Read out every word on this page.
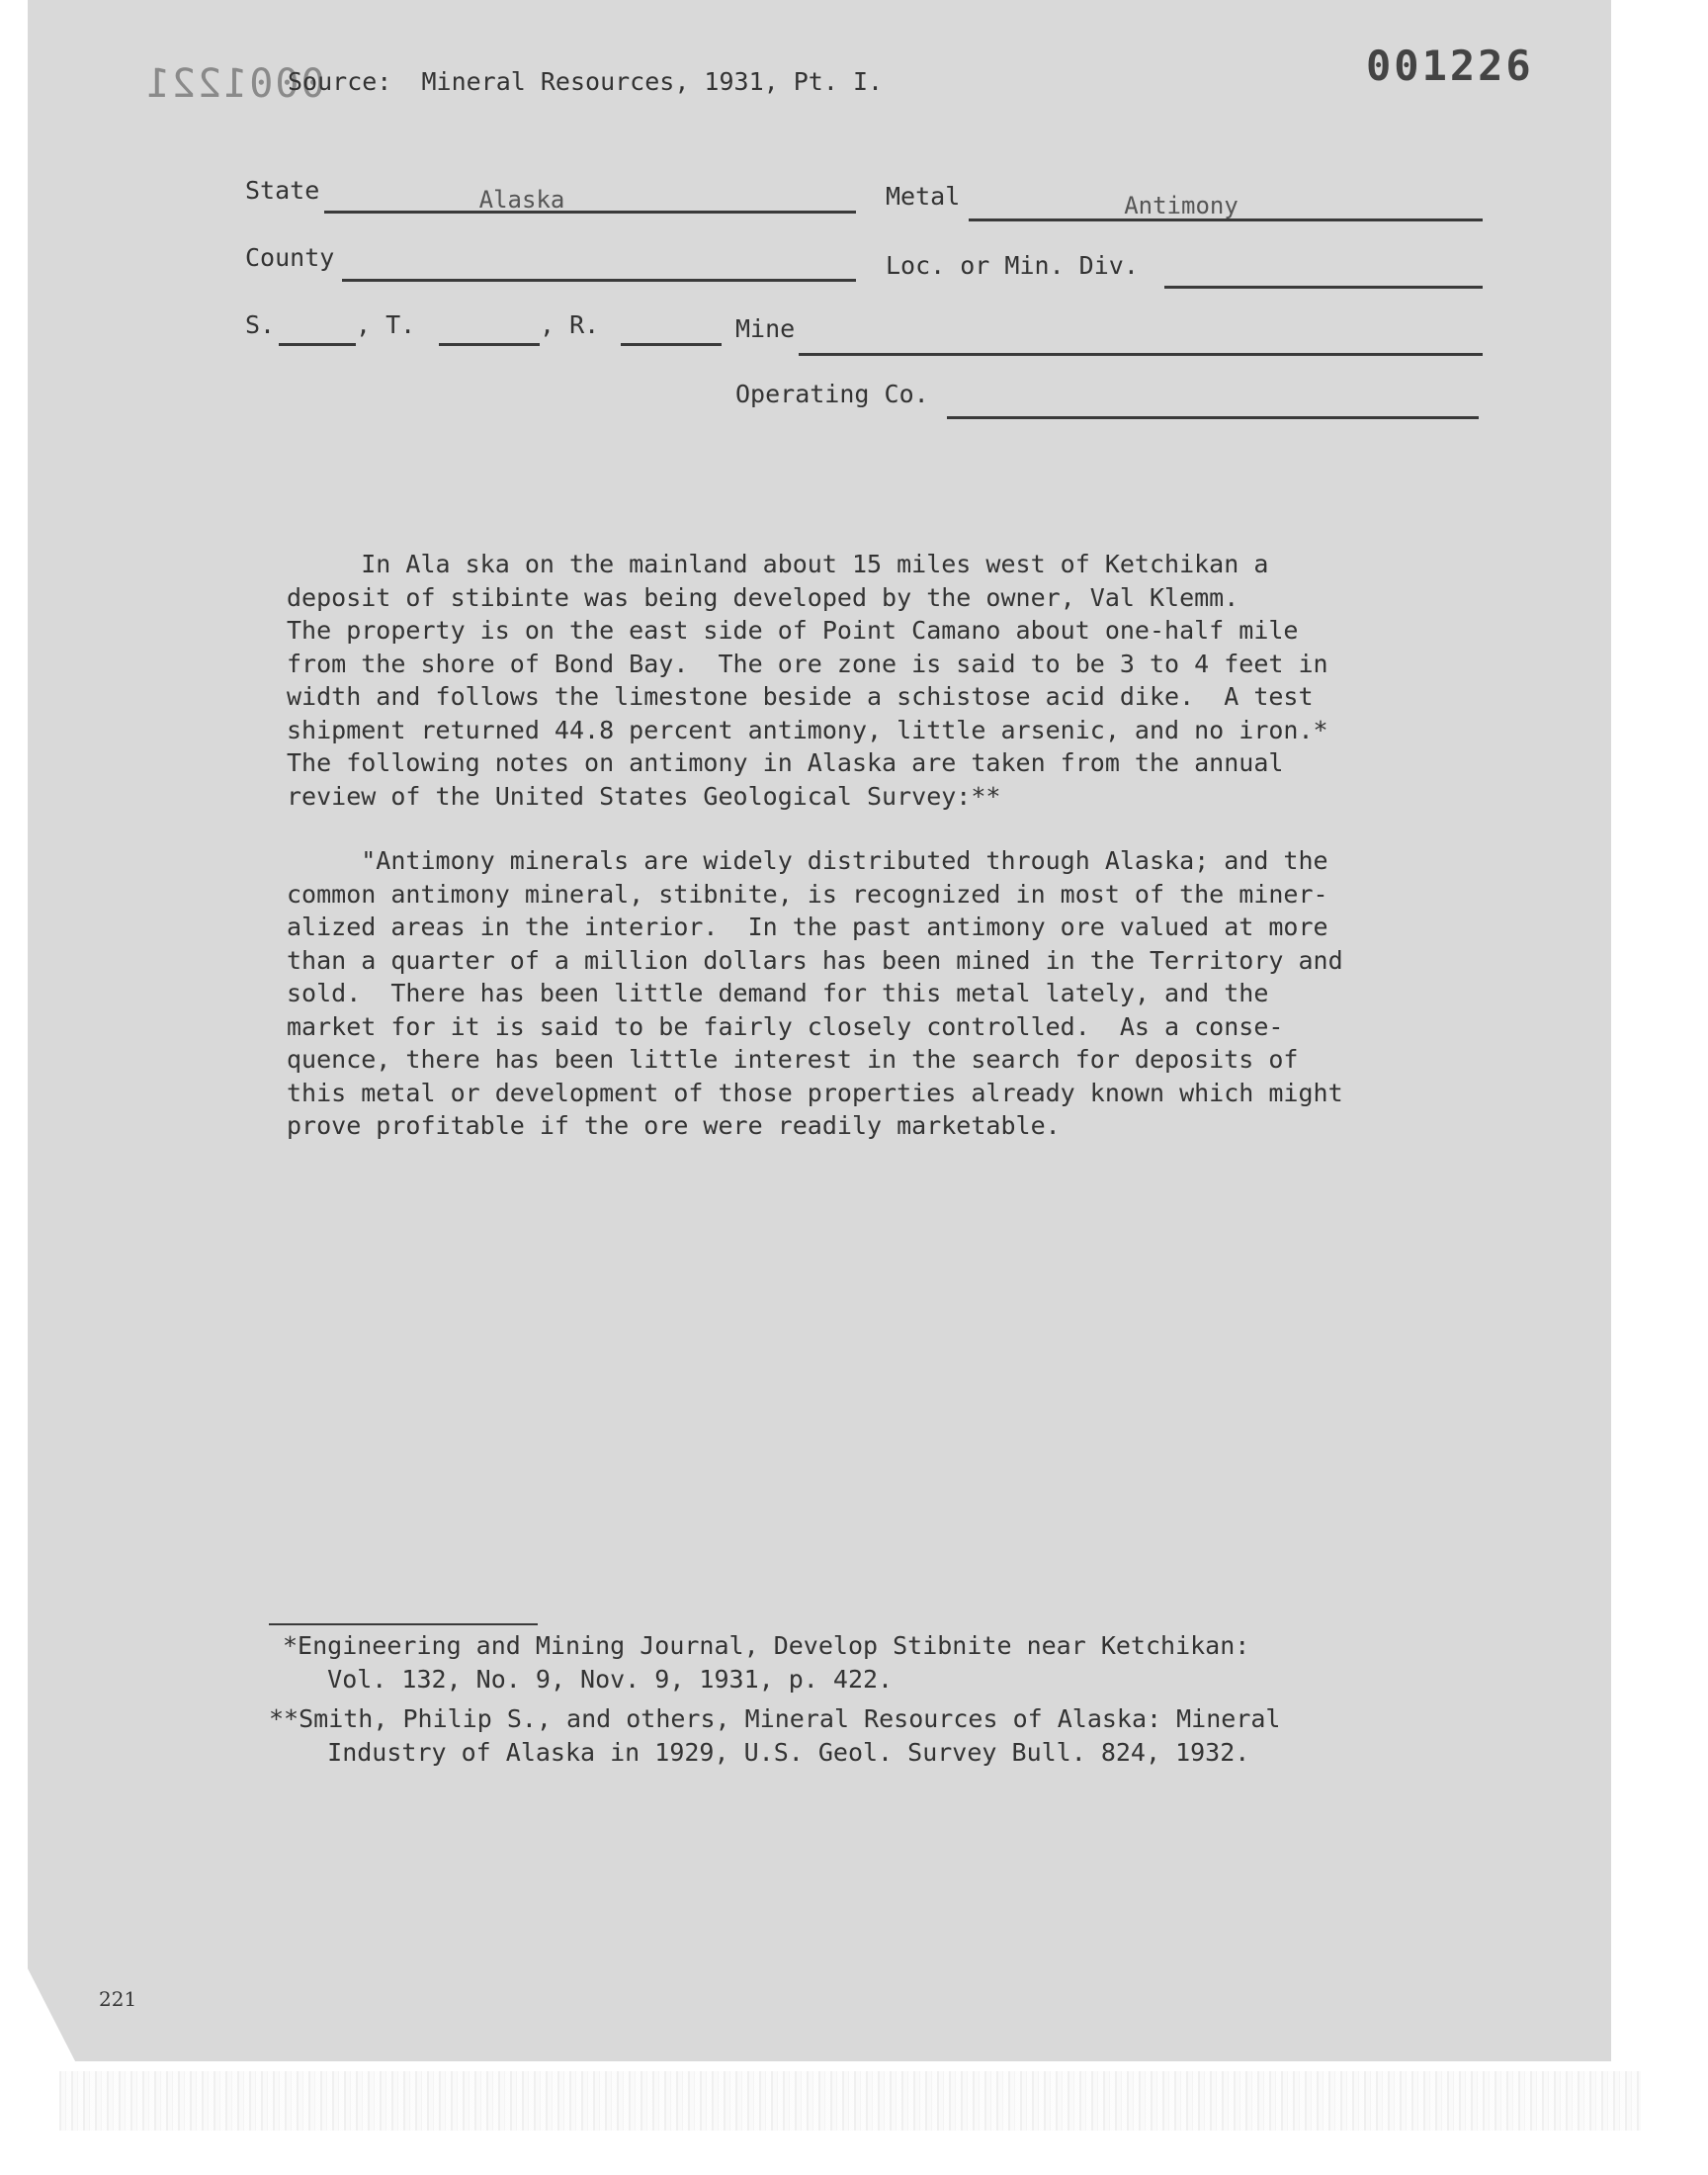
0001221
Source:  Mineral Resources, 1931, Pt. I.	001226
State	Alaska	Metal	Antimony
County	Loc. or Min. Div.
S.	, T.	, R.	Mine
Operating Co.
In Ala ska on the mainland about 15 miles west of Ketchikan a
deposit of stibinte was being developed by the owner, Val Klemm.
The property is on the east side of Point Camano about one-half mile
from the shore of Bond Bay.  The ore zone is said to be 3 to 4 feet in
width and follows the limestone beside a schistose acid dike.  A test
shipment returned 44.8 percent antimony, little arsenic, and no iron.*
The following notes on antimony in Alaska are taken from the annual
review of the United States Geological Survey:**
"Antimony minerals are widely distributed through Alaska; and the
common antimony mineral, stibnite, is recognized in most of the miner-
alized areas in the interior.  In the past antimony ore valued at more
than a quarter of a million dollars has been mined in the Territory and
sold.  There has been little demand for this metal lately, and the
market for it is said to be fairly closely controlled.  As a conse-
quence, there has been little interest in the search for deposits of
this metal or development of those properties already known which might
prove profitable if the ore were readily marketable.
*Engineering and Mining Journal, Develop Stibnite near Ketchikan:
Vol. 132, No. 9, Nov. 9, 1931, p. 422.
**Smith, Philip S., and others, Mineral Resources of Alaska: Mineral
Industry of Alaska in 1929, U.S. Geol. Survey Bull. 824, 1932.
221
